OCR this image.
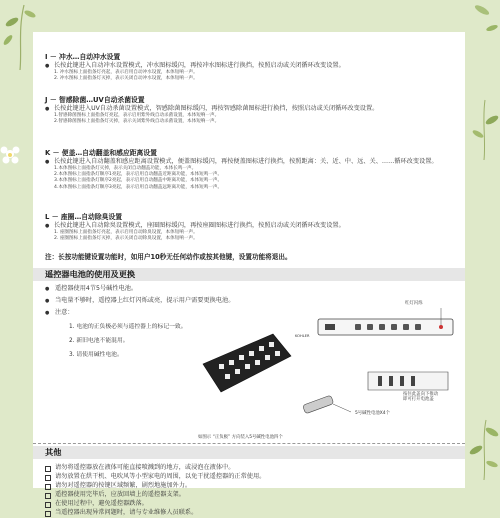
I － 冲水…自动冲水设置
● 长按此键进入自动冲水设置模式，冲水图标缓闪，再按冲水图标进行换挡，按照启动或关闭循环改变设置。
1. 冲水图标上面指条灯亮起，表示启用自动冲水设置，本体短响一声。
2. 冲水图标上面指条灯灭掉，表示关闭自动冲水设置，本体短响一声。
J － 智感除菌…UV自动杀菌设置
● 长按此键进入UV自动杀菌设置模式，智感除菌图标缓闪，再按智感除菌图标进行换挡，按照启动或关闭循环改变设置。
1.智感除菌图标上面指条灯亮起，表示启用紫外线自动杀菌设置，本体短响一声。
2.智感除菌图标上面指条灯灭掉，表示关闭紫外线自动杀菌设置，本体短响一声。
K － 便盖…自动翻盖和感应距离设置
● 长按此键进入自动翻盖和感应距离设置模式，便盖图标缓闪，再按便盖图标进行换挡，按照距离：关、近、中、远、关、……循环改变设置。
1.本体图标上面指条灯灭掉，表示关闭自动翻盖功能，本体长鸣一声。
2.本体图标上面指条灯顺序1亮起，表示启用自动翻盖近距离功能，本体短鸣一声。
3.本体图标上面指条灯顺序2亮起，表示启用自动翻盖中距离功能，本体短鸣一声。
4.本体图标上面指条灯顺序3亮起，表示启用自动翻盖远距离功能，本体短鸣一声。
L － 座圈…自动除臭设置
● 长按此键进入自动除臭设置模式，座圈图标缓闪，再按座圈图标进行换挡，按照启动或关闭循环改变设置。
1. 座圈图标上面指条灯亮起，表示启用自动除臭设置，本体短响一声。
2. 座圈图标上面指条灯灭掉，表示关闭自动除臭设置，本体短响一声。
注：长按功能键设置功能时，如用户10秒无任何动作或按其他键，设置功能将退出。
遥控器电池的使用及更换
● 遥控器使用4节5号碱性电池。
● 当电量不够时，遥控器上红灯闪烁或亮，提示用户需要更换电池。
● 注意：
1. 电池的正负极必须与遥控器上的标记一致。
2. 新旧电池不能混用。
3. 请使用碱性电池。
红灯闪烁
KOHLER
5号碱性电池X4个
按住此盖向下推动
即可打开电池盖
如图示 “正负极” 方向装入5号碱性电池四个
其他
请勿将遥控器放在液体可能直接喷溅到的地方，或浸泡在液体中。
请勿放置在烘干机、电吹风等小型家电的周围，以免干扰遥控器的正常使用。
请勿对遥控器的按键区域频繁，剧烈地施加外力。
遥控器使用完毕后，应放回墙上的遥控器支架。
在使用过程中，避免遥控器跌落。
当遥控器出现异常问题时，请与专业维修人员联系。
